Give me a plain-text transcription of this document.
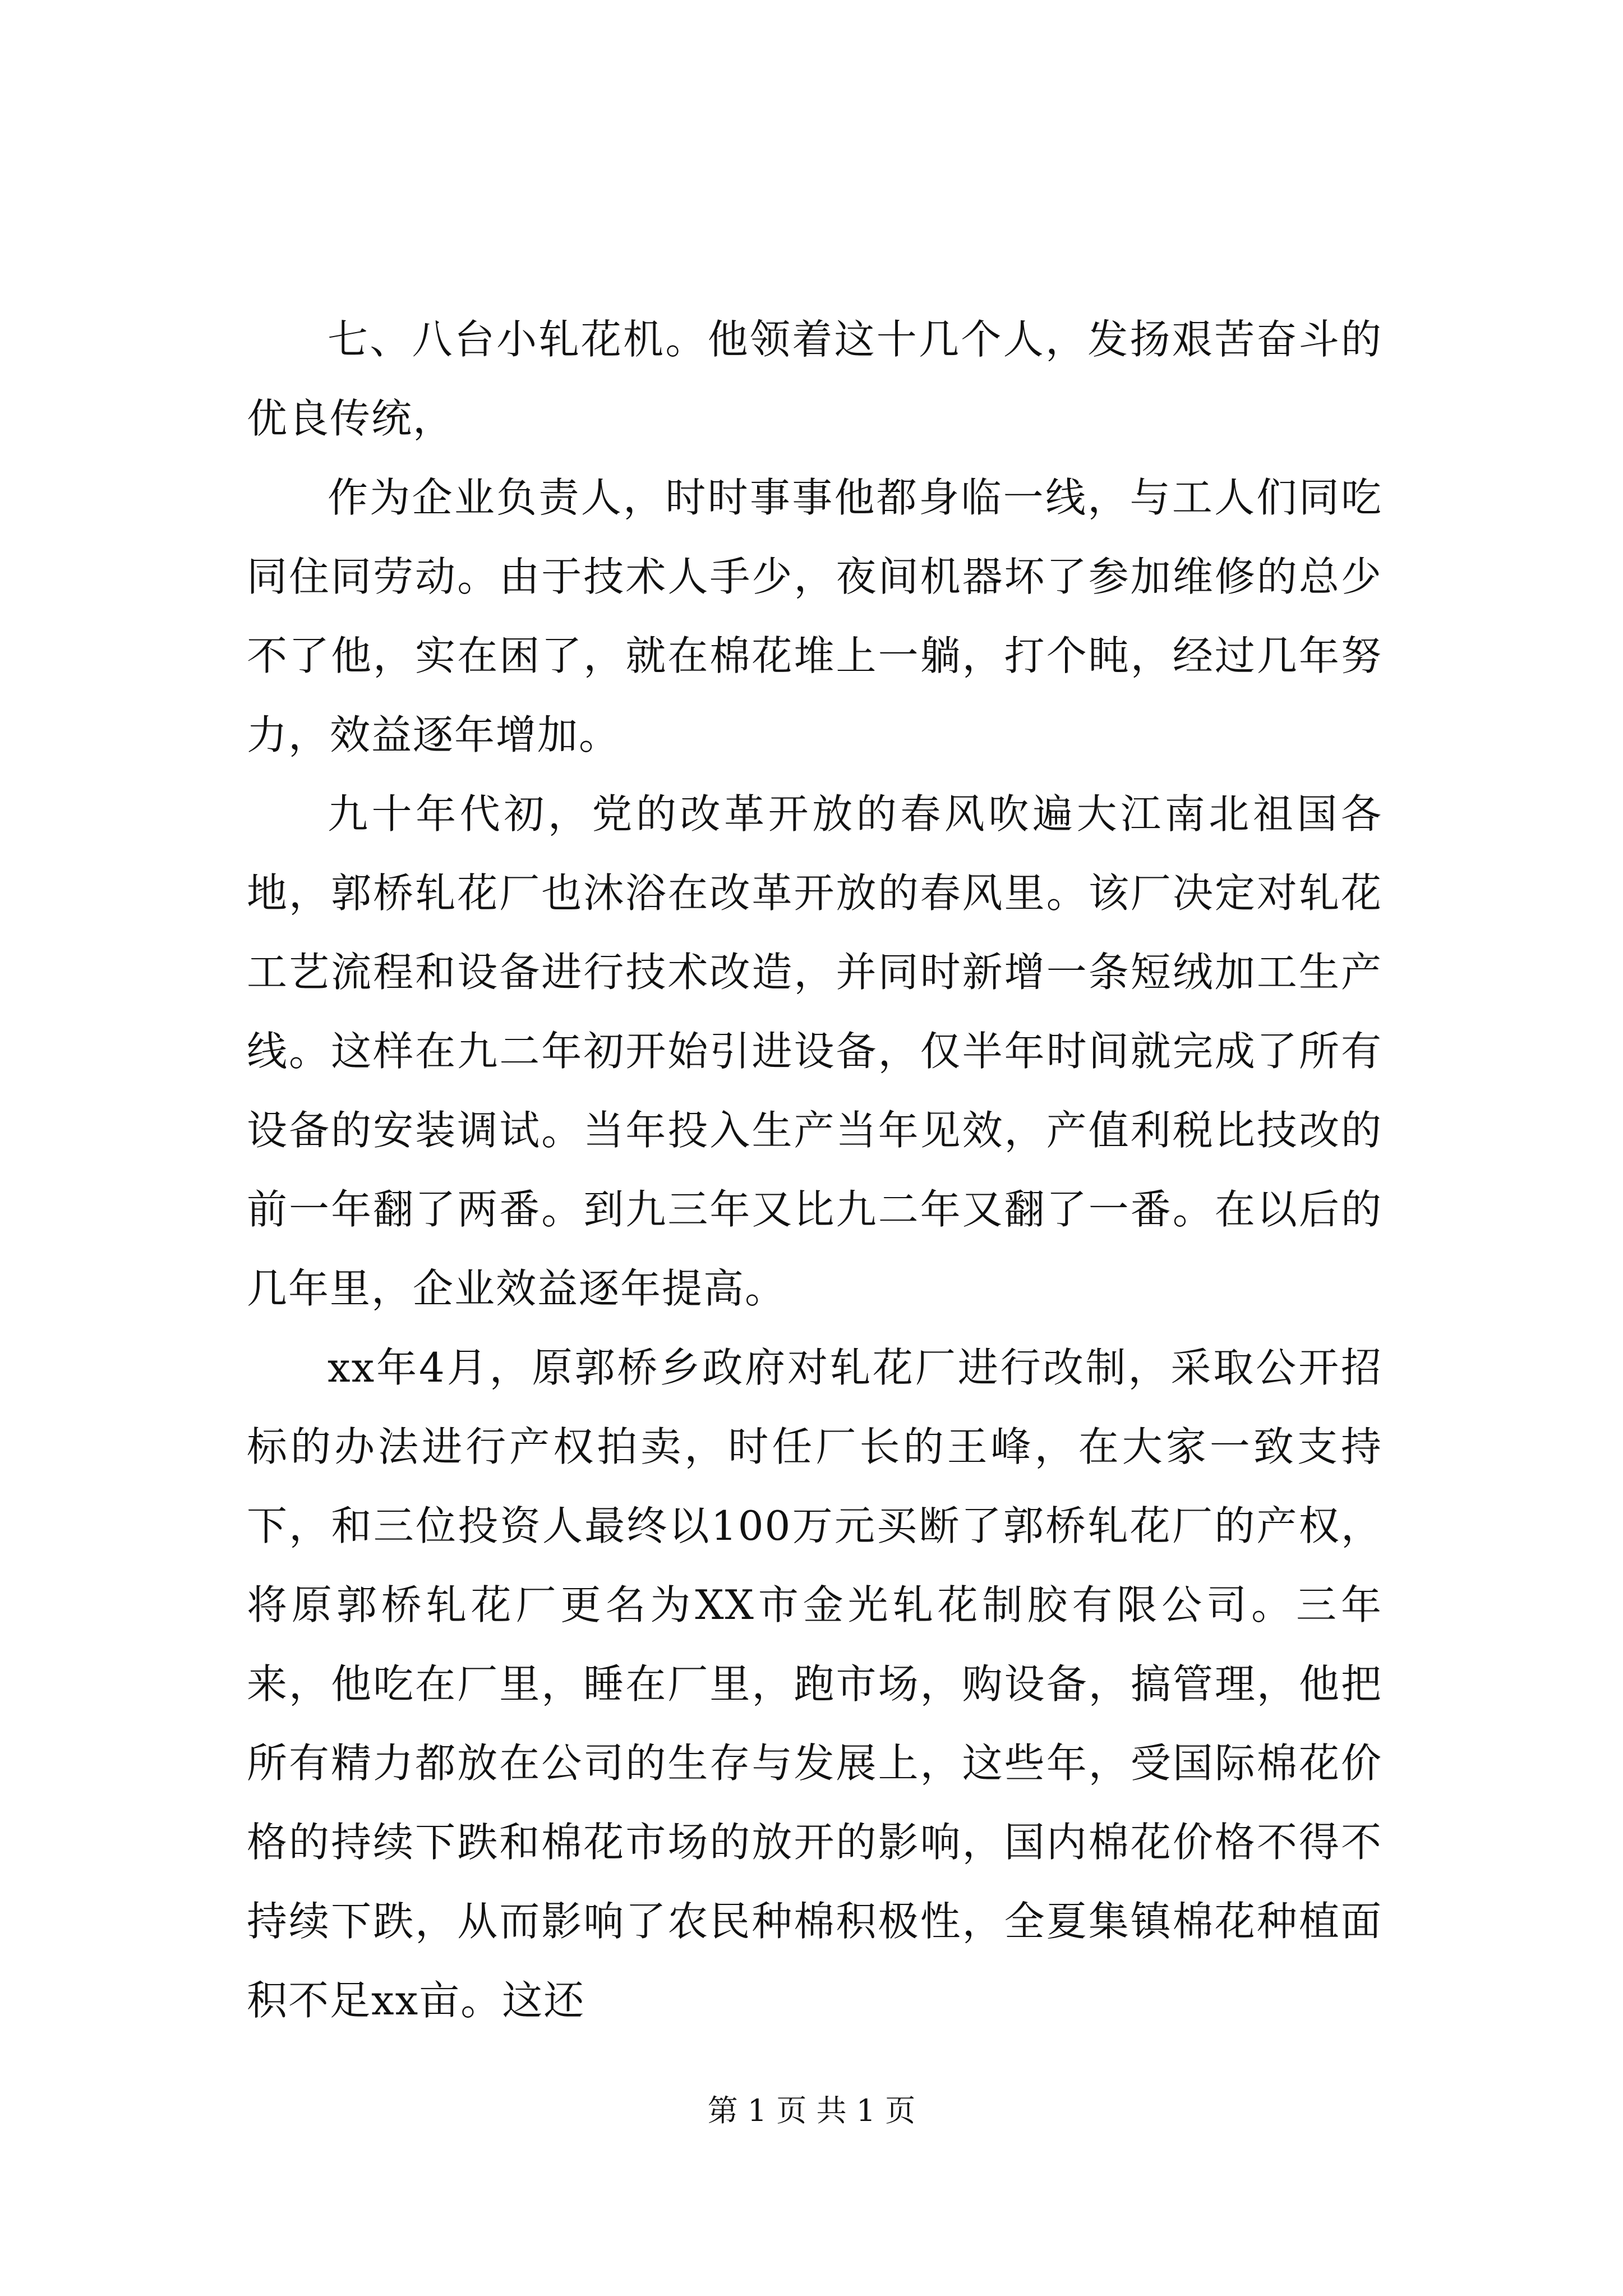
七、八台小轧花机。他领着这十几个人，发扬艰苦奋斗的优良传统，

作为企业负责人，时时事事他都身临一线，与工人们同吃同住同劳动。由于技术人手少，夜间机器坏了参加维修的总少不了他，实在困了，就在棉花堆上一躺，打个盹，经过几年努力，效益逐年增加。

九十年代初，党的改革开放的春风吹遍大江南北祖国各地，郭桥轧花厂也沐浴在改革开放的春风里。该厂决定对轧花工艺流程和设备进行技术改造，并同时新增一条短绒加工生产线。这样在九二年初开始引进设备，仅半年时间就完成了所有设备的安装调试。当年投入生产当年见效，产值利税比技改的前一年翻了两番。到九三年又比九二年又翻了一番。在以后的几年里，企业效益逐年提高。

xx年4月，原郭桥乡政府对轧花厂进行改制，采取公开招标的办法进行产权拍卖，时任厂长的王峰，在大家一致支持下，和三位投资人最终以100万元买断了郭桥轧花厂的产权，将原郭桥轧花厂更名为XX市金光轧花制胶有限公司。三年来，他吃在厂里，睡在厂里，跑市场，购设备，搞管理，他把所有精力都放在公司的生存与发展上，这些年，受国际棉花价格的持续下跌和棉花市场的放开的影响，国内棉花价格不得不持续下跌，从而影响了农民种棉积极性，全夏集镇棉花种植面积不足xx亩。这还

第 1 页 共 1 页
